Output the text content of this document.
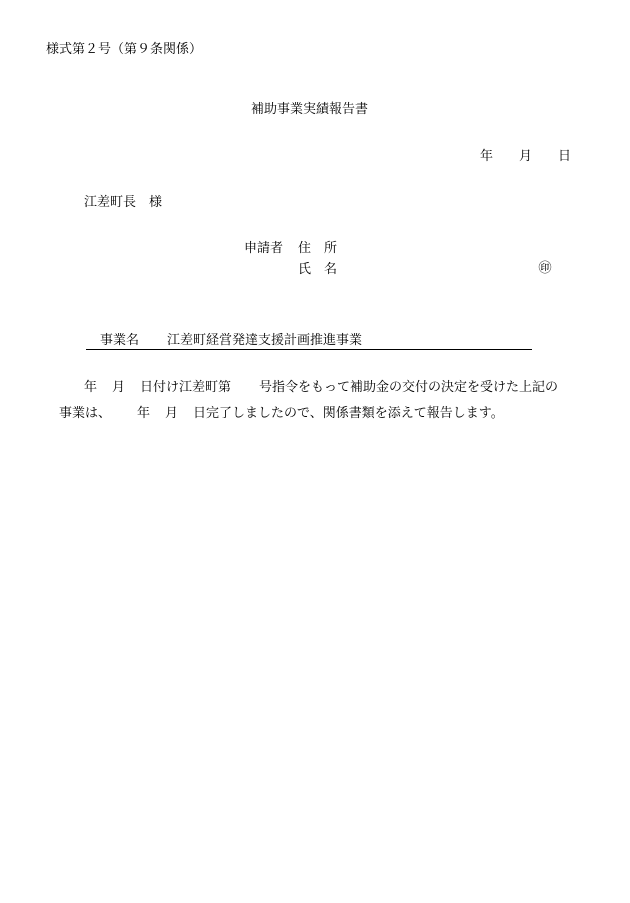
様式第２号（第９条関係）
補助事業実績報告書
年 月 日
江差町長 様
申請者 住　所
氏　名	㊞
事業名 江差町経営発達支援計画推進事業
年 月 日付け江差町第 号指令をもって補助金の交付の決定を受けた上記の
事業は、 年 月 日完了しましたので、関係書類を添えて報告します。
